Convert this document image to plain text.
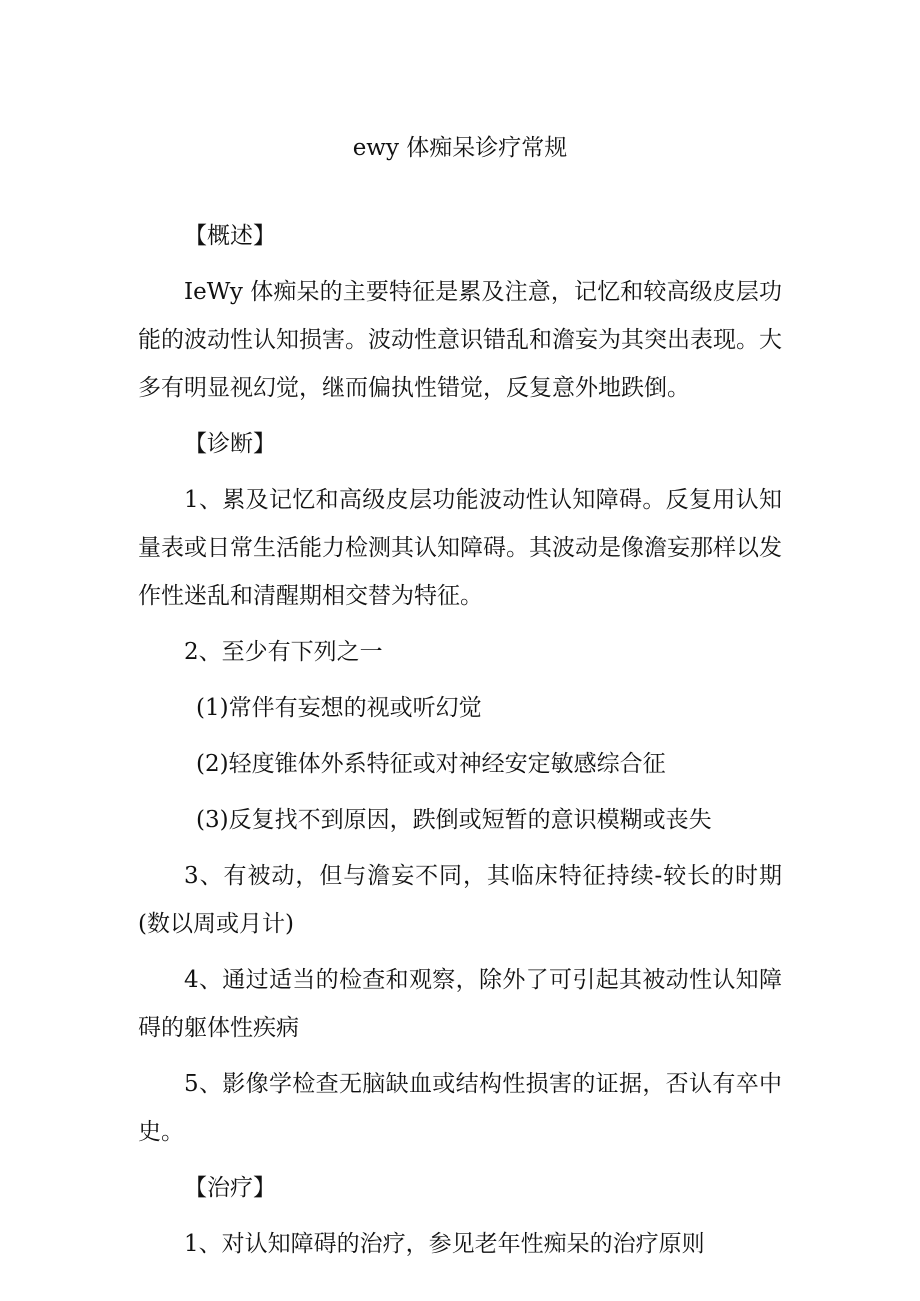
ewy 体痴呆诊疗常规

【概述】

IeWy 体痴呆的主要特征是累及注意，记忆和较高级皮层功能的波动性认知损害。波动性意识错乱和澹妄为其突出表现。大多有明显视幻觉，继而偏执性错觉，反复意外地跌倒。

【诊断】

1、累及记忆和高级皮层功能波动性认知障碍。反复用认知量表或日常生活能力检测其认知障碍。其波动是像澹妄那样以发作性迷乱和清醒期相交替为特征。

2、至少有下列之一

(1)常伴有妄想的视或听幻觉

(2)轻度锥体外系特征或对神经安定敏感综合征

(3)反复找不到原因，跌倒或短暂的意识模糊或丧失

3、有被动，但与澹妄不同，其临床特征持续-较长的时期(数以周或月计)

4、通过适当的检查和观察，除外了可引起其被动性认知障碍的躯体性疾病

5、影像学检查无脑缺血或结构性损害的证据，否认有卒中史。

【治疗】

1、对认知障碍的治疗，参见老年性痴呆的治疗原则
